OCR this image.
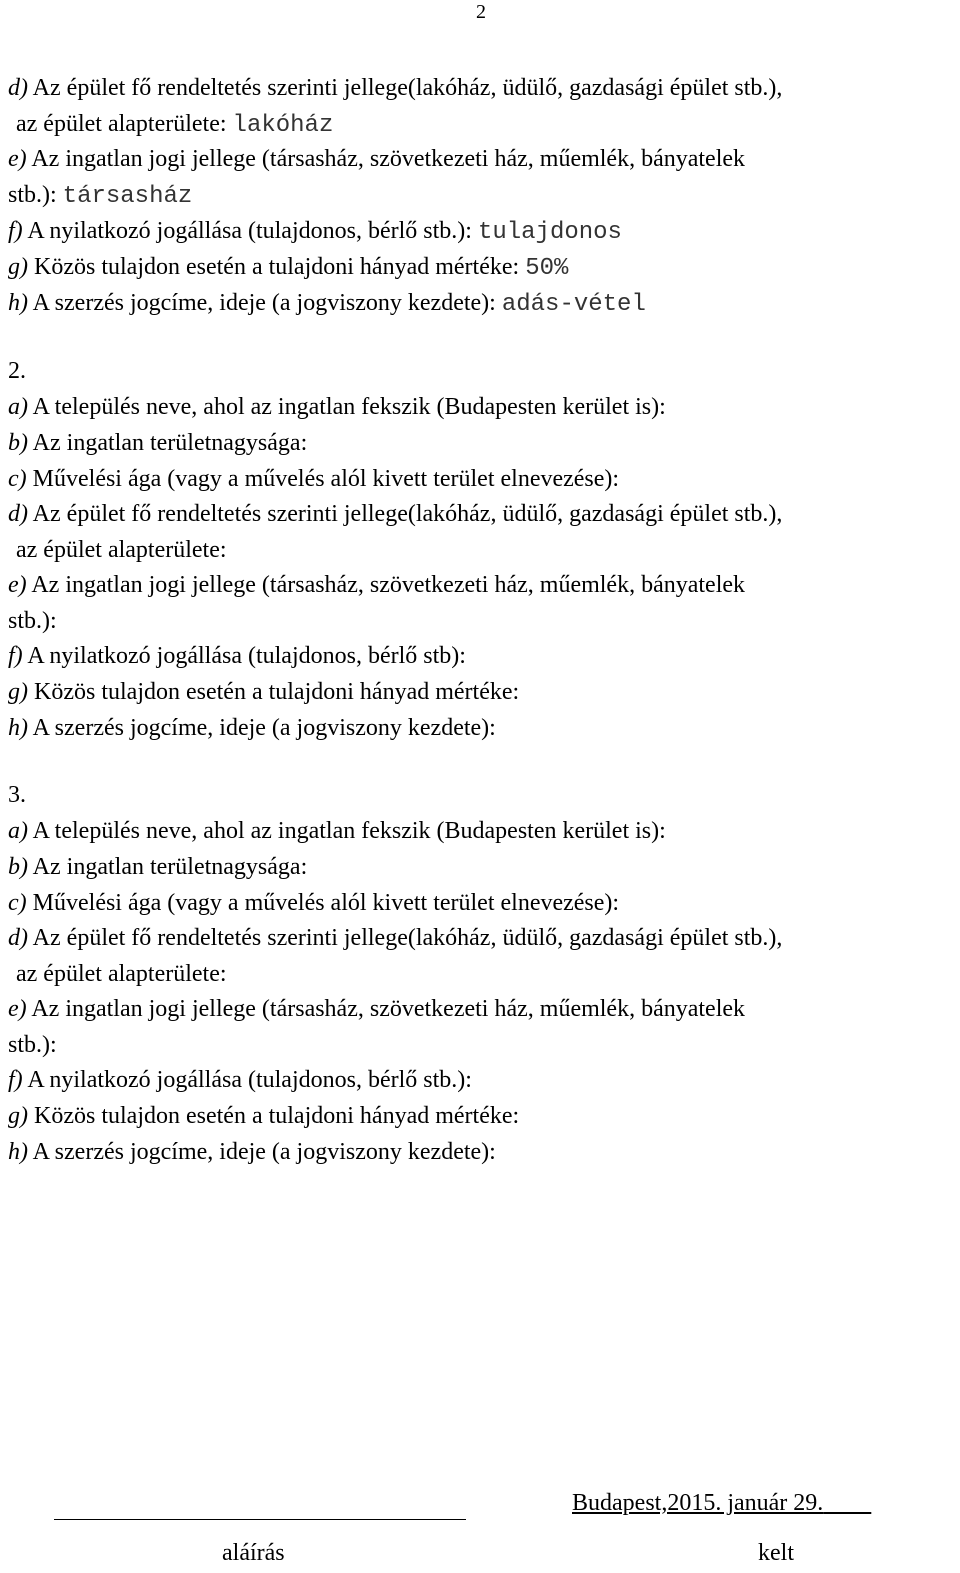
2
d) Az épület fő rendeltetés szerinti jellege(lakóház, üdülő, gazdasági épület stb.),
az épület alapterülete: lakóház
e) Az ingatlan jogi jellege (társasház, szövetkezeti ház, műemlék, bányatelek
stb.): társasház
f) A nyilatkozó jogállása (tulajdonos, bérlő stb.): tulajdonos
g) Közös tulajdon esetén a tulajdoni hányad mértéke: 50%
h) A szerzés jogcíme, ideje (a jogviszony kezdete): adás-vétel
2.
a) A település neve, ahol az ingatlan fekszik (Budapesten kerület is):
b) Az ingatlan területnagysága:
c) Művelési ága (vagy a művelés alól kivett terület elnevezése):
d) Az épület fő rendeltetés szerinti jellege(lakóház, üdülő, gazdasági épület stb.),
az épület alapterülete:
e) Az ingatlan jogi jellege (társasház, szövetkezeti ház, műemlék, bányatelek
stb.):
f) A nyilatkozó jogállása (tulajdonos, bérlő stb):
g) Közös tulajdon esetén a tulajdoni hányad mértéke:
h) A szerzés jogcíme, ideje (a jogviszony kezdete):
3.
a) A település neve, ahol az ingatlan fekszik (Budapesten kerület is):
b) Az ingatlan területnagysága:
c) Művelési ága (vagy a művelés alól kivett terület elnevezése):
d) Az épület fő rendeltetés szerinti jellege(lakóház, üdülő, gazdasági épület stb.),
az épület alapterülete:
e) Az ingatlan jogi jellege (társasház, szövetkezeti ház, műemlék, bányatelek
stb.):
f) A nyilatkozó jogállása (tulajdonos, bérlő stb.):
g) Közös tulajdon esetén a tulajdoni hányad mértéke:
h) A szerzés jogcíme, ideje (a jogviszony kezdete):
Budapest,2015. január 29.
aláírás	kelt
